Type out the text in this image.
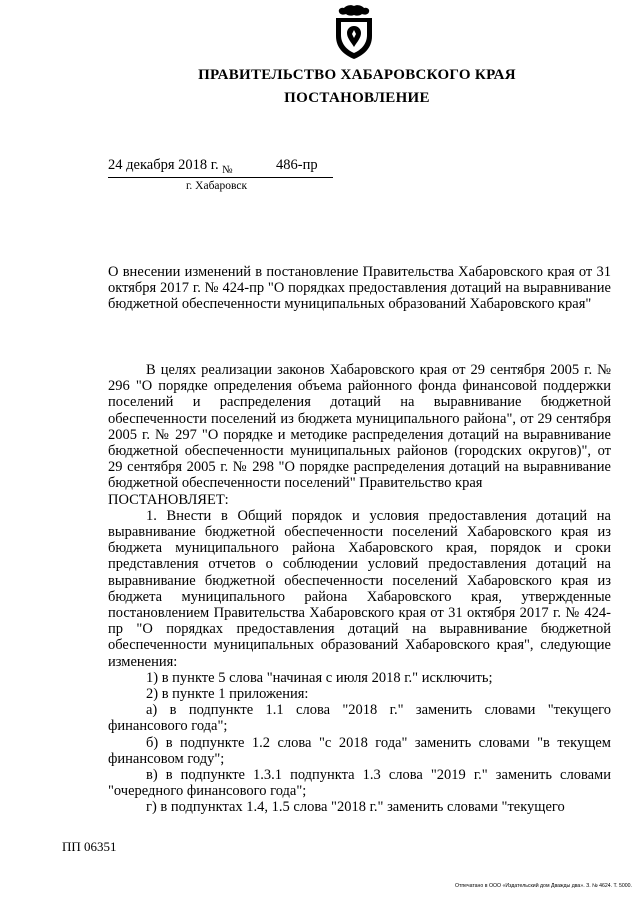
ПРАВИТЕЛЬСТВО ХАБАРОВСКОГО КРАЯ
ПОСТАНОВЛЕНИЕ
24 декабря 2018 г. №	486-пр
г. Хабаровск
О внесении изменений в постановление Правительства Хабаровского края от 31 октября 2017 г. № 424-пр "О порядках предоставления дотаций на выравнивание бюджетной обеспеченности муниципальных образований Хабаровского края"

В целях реализации законов Хабаровского края от 29 сентября 2005 г. № 296 "О порядке определения объема районного фонда финансовой поддержки поселений и распределения дотаций на выравнивание бюджетной обеспеченности поселений из бюджета муниципального района", от 29 сентября 2005 г. № 297 "О порядке и методике распределения дотаций на выравнивание бюджетной обеспеченности муниципальных районов (городских округов)", от 29 сентября 2005 г. № 298 "О порядке распределения дотаций на выравнивание бюджетной обеспеченности поселений" Правительство края

ПОСТАНОВЛЯЕТ:

1. Внести в Общий порядок и условия предоставления дотаций на выравнивание бюджетной обеспеченности поселений Хабаровского края из бюджета муниципального района Хабаровского края, порядок и сроки представления отчетов о соблюдении условий предоставления дотаций на выравнивание бюджетной обеспеченности поселений Хабаровского края из бюджета муниципального района Хабаровского края, утвержденные постановлением Правительства Хабаровского края от 31 октября 2017 г. № 424-пр "О порядках предоставления дотаций на выравнивание бюджетной обеспеченности муниципальных образований Хабаровского края", следующие изменения:

1) в пункте 5 слова "начиная с июля 2018 г." исключить;

2) в пункте 1 приложения:

а) в подпункте 1.1 слова "2018 г." заменить словами "текущего финансового года";

б) в подпункте 1.2 слова "с 2018 года" заменить словами "в текущем финансовом году";

в) в подпункте 1.3.1 подпункта 1.3 слова "2019 г." заменить словами "очередного финансового года";

г) в подпунктах 1.4, 1.5 слова "2018 г." заменить словами "текущего

ПП 06351
Отпечатано в ООО «Издательский дом Дважды два». З. № 4624. Т. 5000.
